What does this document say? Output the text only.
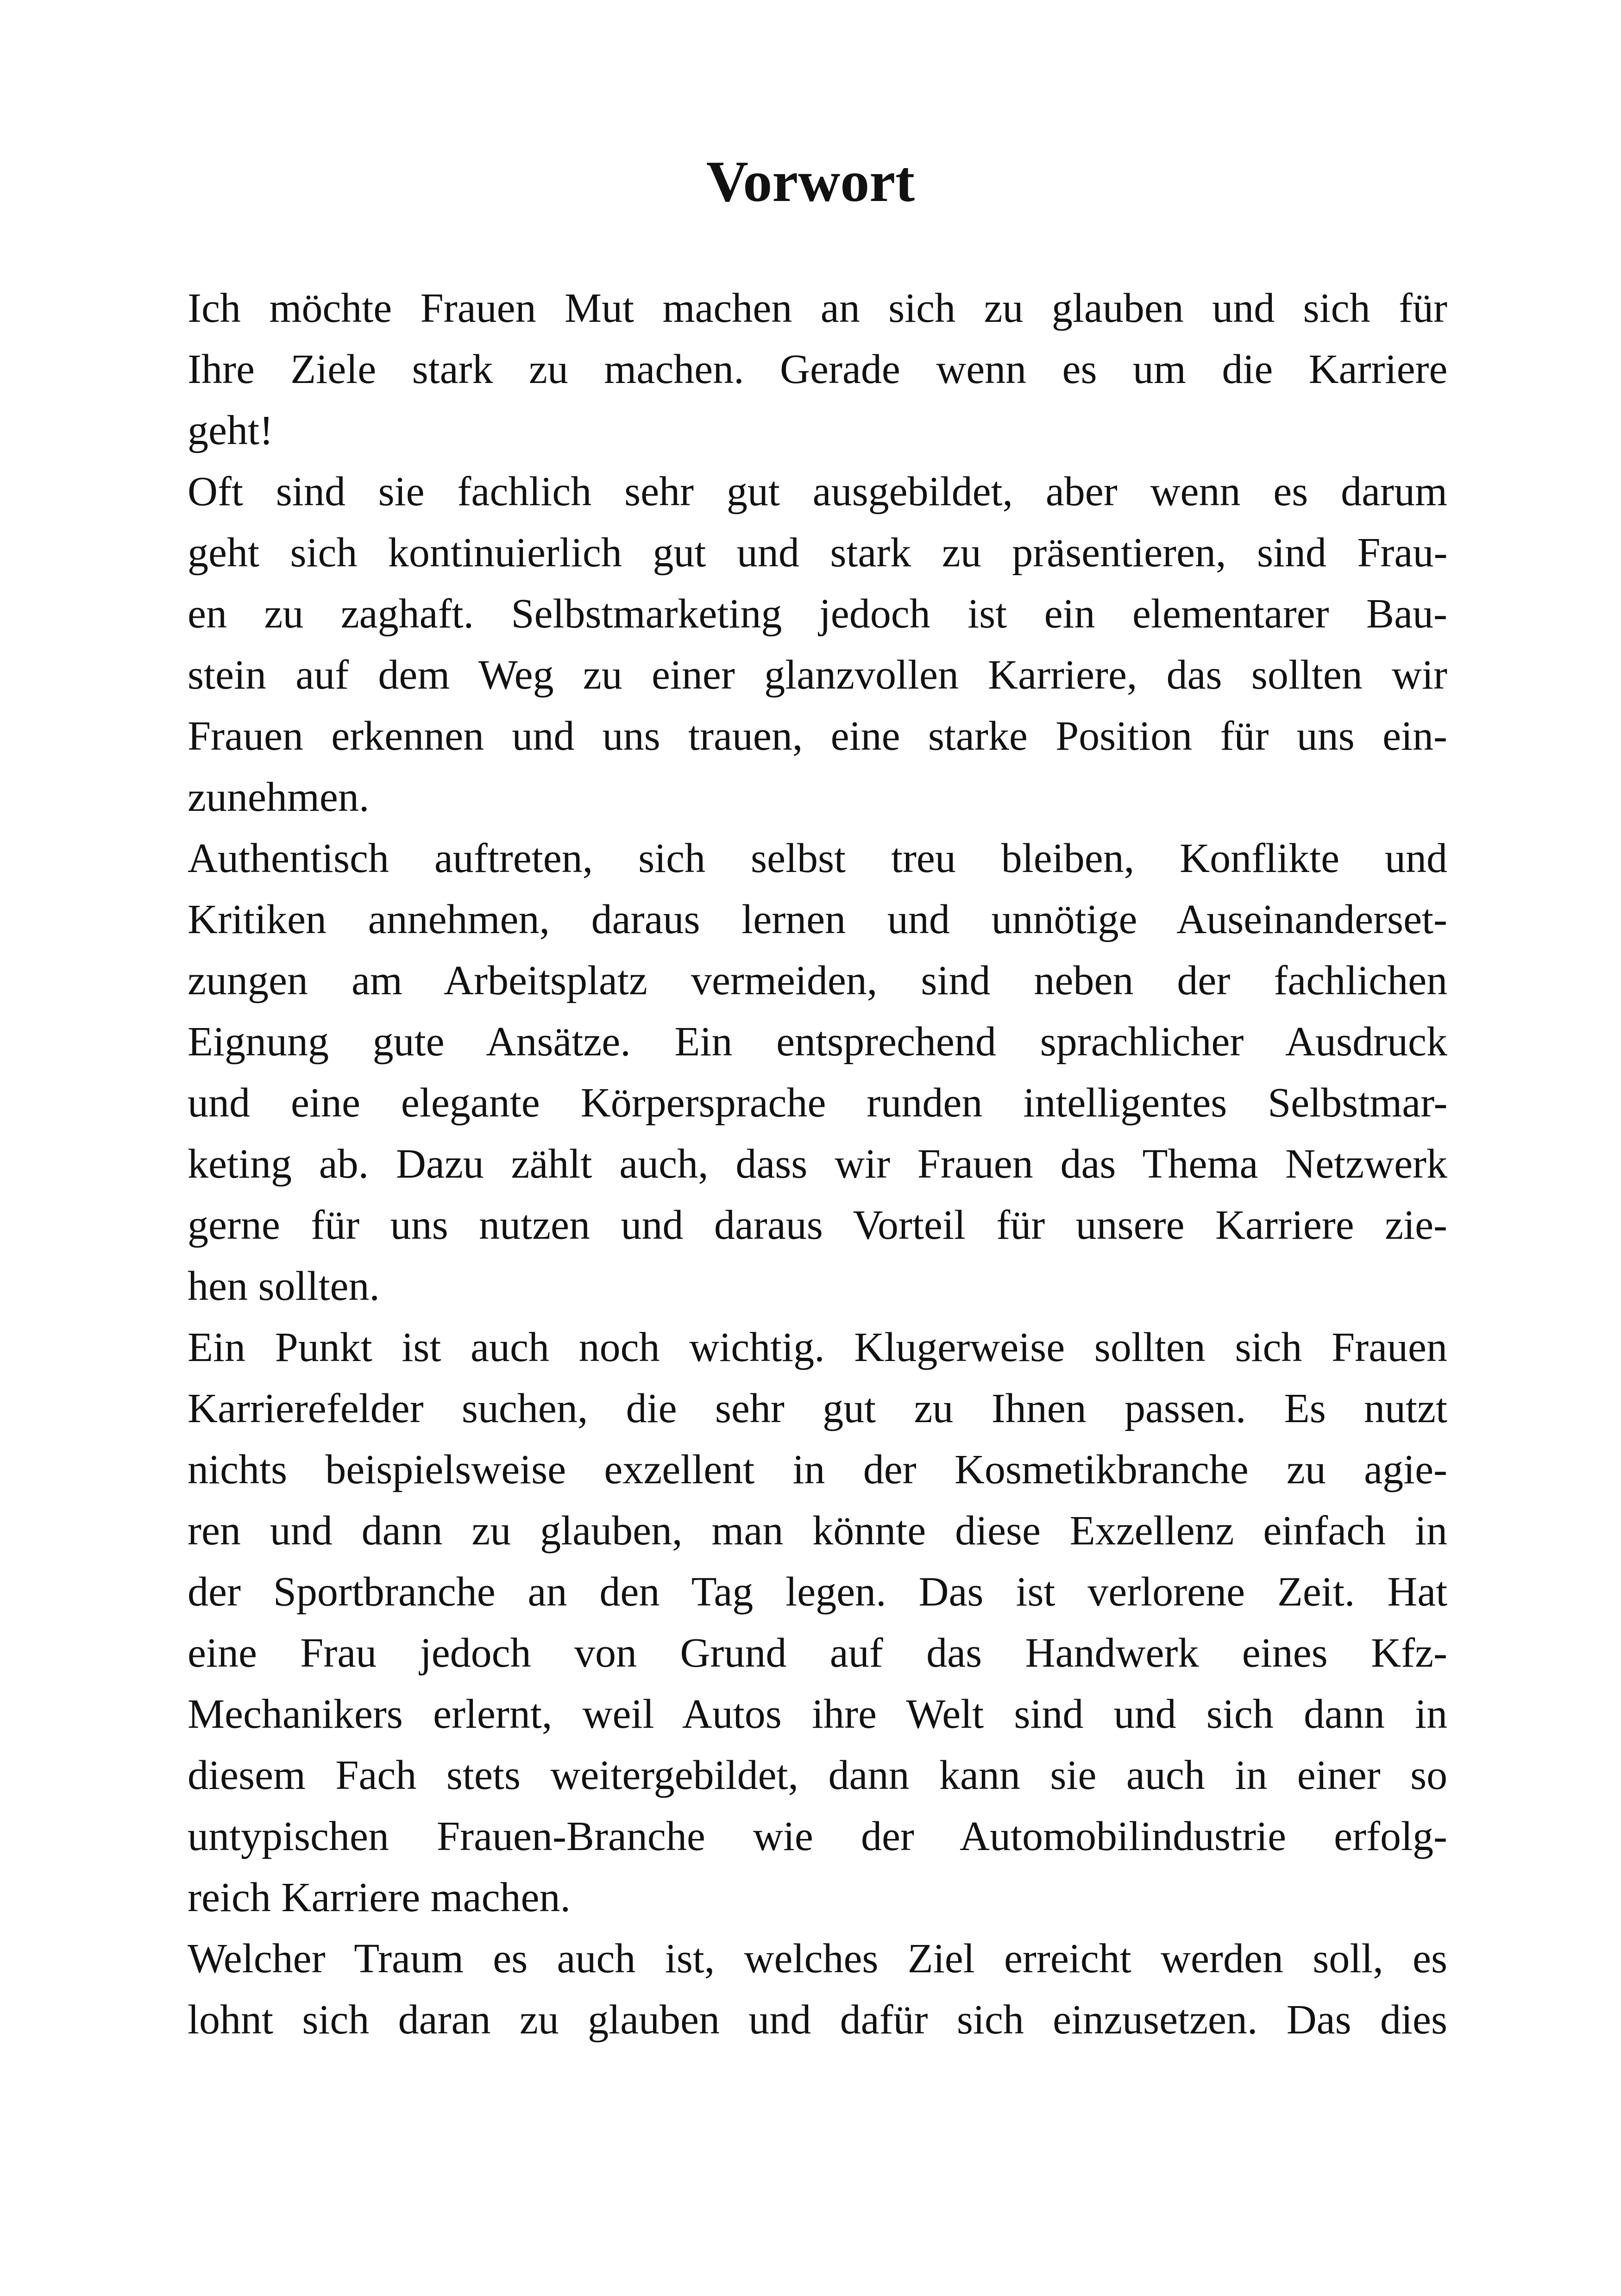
Vorwort
Ich möchte Frauen Mut machen an sich zu glauben und sich für
Ihre Ziele stark zu machen. Gerade wenn es um die Karriere
geht!
Oft sind sie fachlich sehr gut ausgebildet, aber wenn es darum
geht sich kontinuierlich gut und stark zu präsentieren, sind Frau-
en zu zaghaft. Selbstmarketing jedoch ist ein elementarer Bau-
stein auf dem Weg zu einer glanzvollen Karriere, das sollten wir
Frauen erkennen und uns trauen, eine starke Position für uns ein-
zunehmen.
Authentisch auftreten, sich selbst treu bleiben, Konflikte und
Kritiken annehmen, daraus lernen und unnötige Auseinanderset-
zungen am Arbeitsplatz vermeiden, sind neben der fachlichen
Eignung gute Ansätze. Ein entsprechend sprachlicher Ausdruck
und eine elegante Körpersprache runden intelligentes Selbstmar-
keting ab. Dazu zählt auch, dass wir Frauen das Thema Netzwerk
gerne für uns nutzen und daraus Vorteil für unsere Karriere zie-
hen sollten.
Ein Punkt ist auch noch wichtig. Klugerweise sollten sich Frauen
Karrierefelder suchen, die sehr gut zu Ihnen passen. Es nutzt
nichts beispielsweise exzellent in der Kosmetikbranche zu agie-
ren und dann zu glauben, man könnte diese Exzellenz einfach in
der Sportbranche an den Tag legen. Das ist verlorene Zeit. Hat
eine Frau jedoch von Grund auf das Handwerk eines Kfz-
Mechanikers erlernt, weil Autos ihre Welt sind und sich dann in
diesem Fach stets weitergebildet, dann kann sie auch in einer so
untypischen Frauen-Branche wie der Automobilindustrie erfolg-
reich Karriere machen.
Welcher Traum es auch ist, welches Ziel erreicht werden soll, es
lohnt sich daran zu glauben und dafür sich einzusetzen. Das dies
